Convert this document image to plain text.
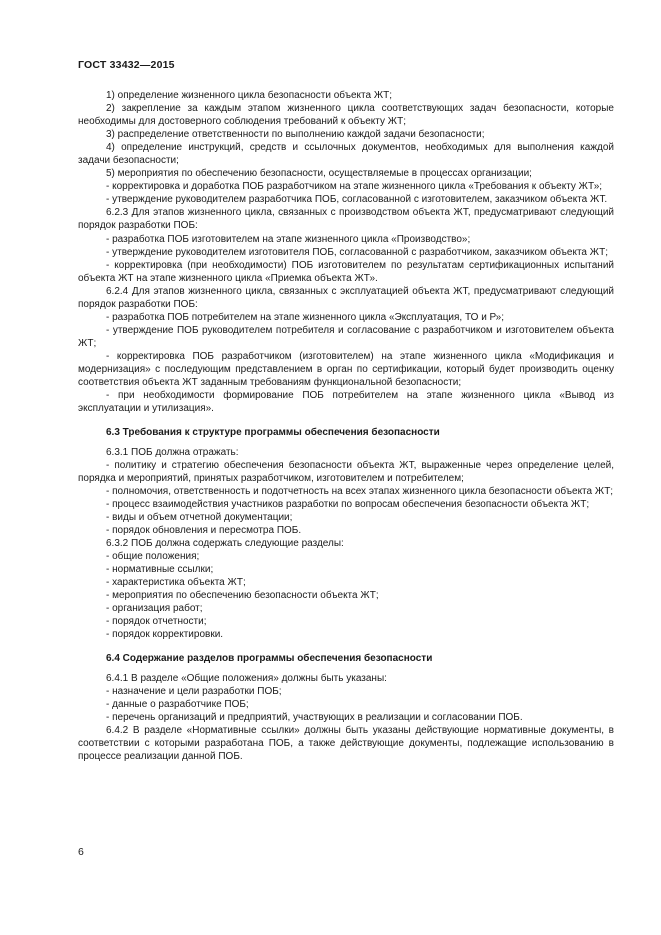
ГОСТ 33432—2015

1) определение жизненного цикла безопасности объекта ЖТ;

2) закрепление за каждым этапом жизненного цикла соответствующих задач безопасности, которые необходимы для достоверного соблюдения требований к объекту ЖТ;

3) распределение ответственности по выполнению каждой задачи безопасности;

4) определение инструкций, средств и ссылочных документов, необходимых для выполнения каждой задачи безопасности;

5) мероприятия по обеспечению безопасности, осуществляемые в процессах организации;

- корректировка и доработка ПОБ разработчиком на этапе жизненного цикла «Требования к объекту ЖТ»;

- утверждение руководителем разработчика ПОБ, согласованной с изготовителем, заказчиком объекта ЖТ.

6.2.3 Для этапов жизненного цикла, связанных с производством объекта ЖТ, предусматривают следующий порядок разработки ПОБ:

- разработка ПОБ изготовителем на этапе жизненного цикла «Производство»;

- утверждение руководителем изготовителя ПОБ, согласованной с разработчиком, заказчиком объекта ЖТ;

- корректировка (при необходимости) ПОБ изготовителем по результатам сертификационных испытаний объекта ЖТ на этапе жизненного цикла «Приемка объекта ЖТ».

6.2.4 Для этапов жизненного цикла, связанных с эксплуатацией объекта ЖТ, предусматривают следующий порядок разработки ПОБ:

- разработка ПОБ потребителем на этапе жизненного цикла «Эксплуатация, ТО и Р»;

- утверждение ПОБ руководителем потребителя и согласование с разработчиком и изготовителем объекта ЖТ;

- корректировка ПОБ разработчиком (изготовителем) на этапе жизненного цикла «Модификация и модернизация» с последующим представлением в орган по сертификации, который будет производить оценку соответствия объекта ЖТ заданным требованиям функциональной безопасности;

- при необходимости формирование ПОБ потребителем на этапе жизненного цикла «Вывод из эксплуатации и утилизация».

6.3 Требования к структуре программы обеспечения безопасности

6.3.1 ПОБ должна отражать:

- политику и стратегию обеспечения безопасности объекта ЖТ, выраженные через определение целей, порядка и мероприятий, принятых разработчиком, изготовителем и потребителем;

- полномочия, ответственность и подотчетность на всех этапах жизненного цикла безопасности объекта ЖТ;

- процесс взаимодействия участников разработки по вопросам обеспечения безопасности объекта ЖТ;

- виды и объем отчетной документации;

- порядок обновления и пересмотра ПОБ.

6.3.2 ПОБ должна содержать следующие разделы:

- общие положения;

- нормативные ссылки;

- характеристика объекта ЖТ;

- мероприятия по обеспечению безопасности объекта ЖТ;

- организация работ;

- порядок отчетности;

- порядок корректировки.

6.4 Содержание разделов программы обеспечения безопасности

6.4.1 В разделе «Общие положения» должны быть указаны:

- назначение и цели разработки ПОБ;

- данные о разработчике ПОБ;

- перечень организаций и предприятий, участвующих в реализации и согласовании ПОБ.

6.4.2 В разделе «Нормативные ссылки» должны быть указаны действующие нормативные документы, в соответствии с которыми разработана ПОБ, а также действующие документы, подлежащие использованию в процессе реализации данной ПОБ.

6
